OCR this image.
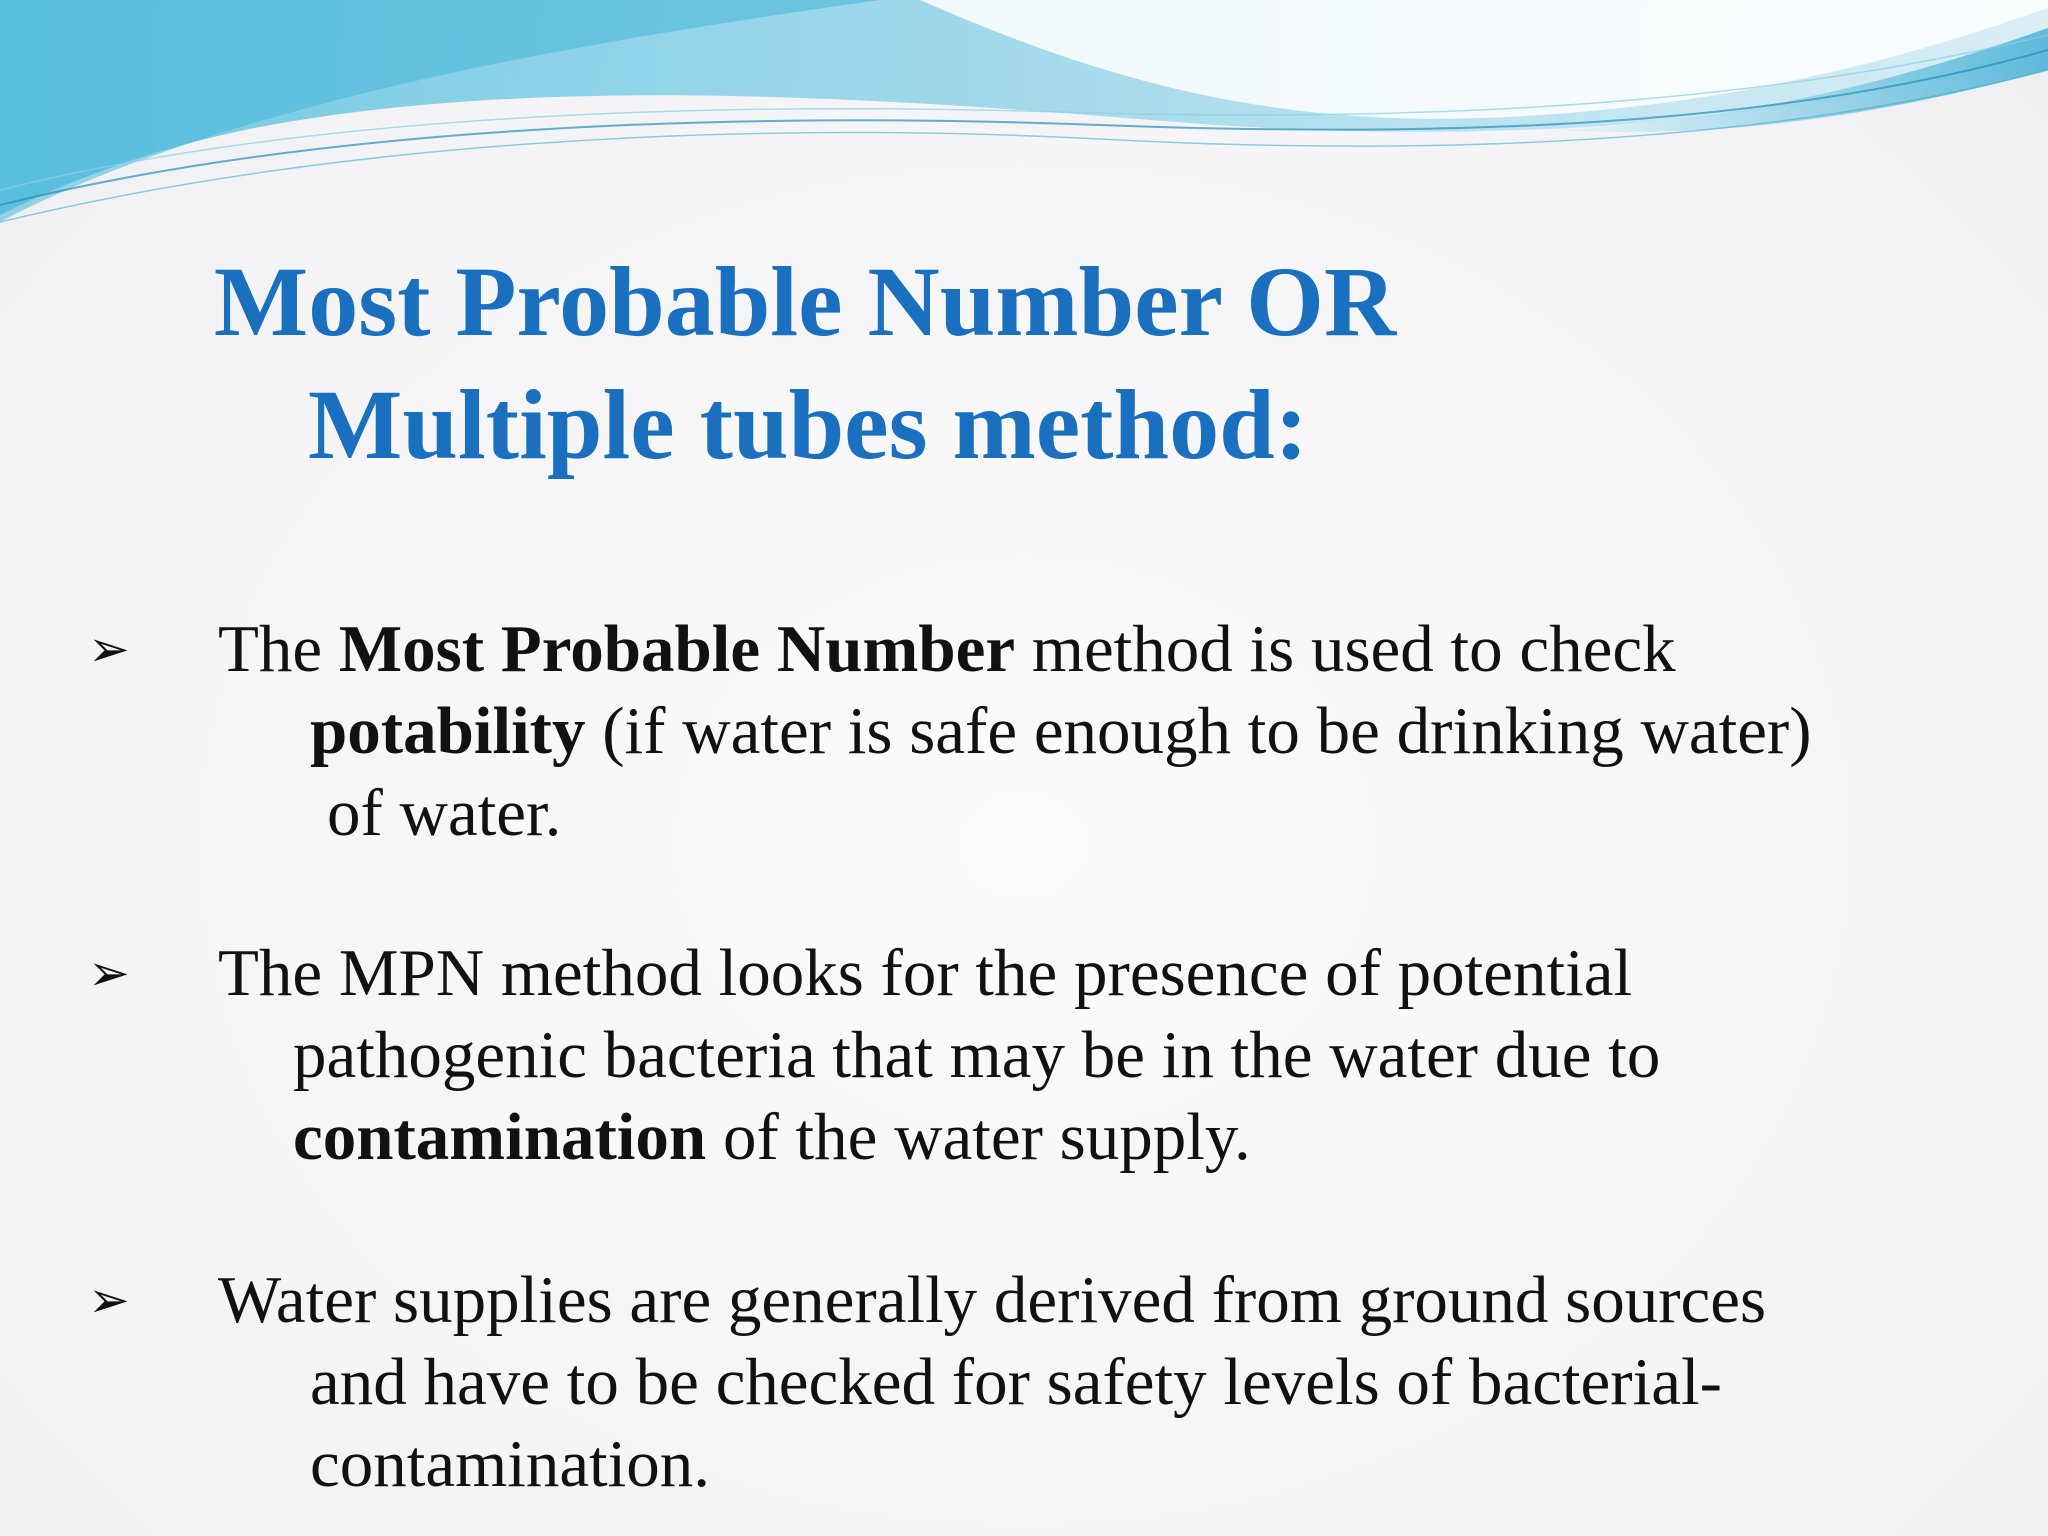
Most Probable Number OR
Multiple tubes method:
➢ The Most Probable Number method is used to check
potability (if water is safe enough to be drinking water)
of water.
➢ The MPN method looks for the presence of potential
pathogenic bacteria that may be in the water due to
contamination of the water supply.
➢ Water supplies are generally derived from ground sources
and have to be checked for safety levels of bacterial-
contamination.
